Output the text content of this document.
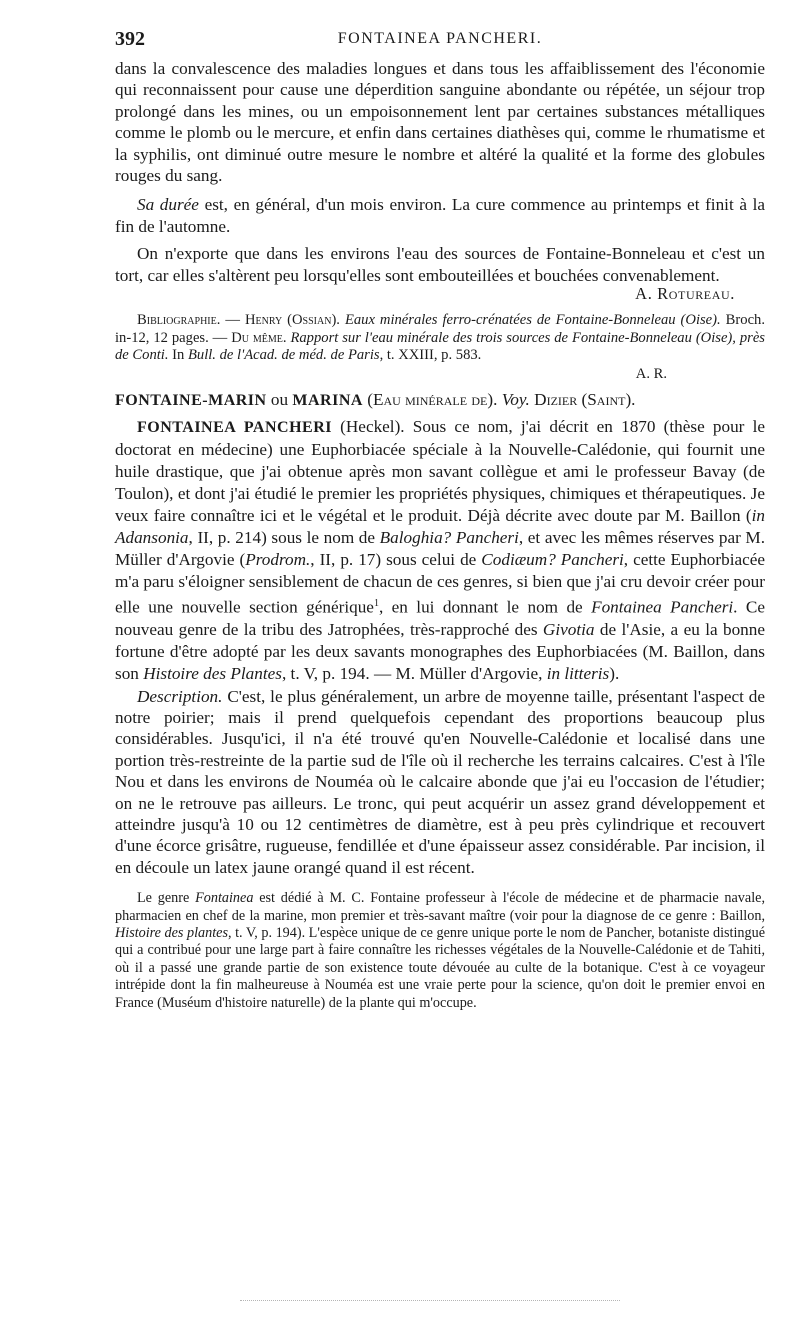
392	FONTAINEA PANCHERI.

dans la convalescence des maladies longues et dans tous les affaiblissement des l'économie qui reconnaissent pour cause une déperdition sanguine abondante ou répétée, un séjour trop prolongé dans les mines, ou un empoisonnement lent par certaines substances métalliques comme le plomb ou le mercure, et enfin dans certaines diathèses qui, comme le rhumatisme et la syphilis, ont diminué outre mesure le nombre et altéré la qualité et la forme des globules rouges du sang.

Sa durée est, en général, d'un mois environ. La cure commence au printemps et finit à la fin de l'automne.

On n'exporte que dans les environs l'eau des sources de Fontaine-Bonneleau et c'est un tort, car elles s'altèrent peu lorsqu'elles sont embouteillées et bouchées convenablement.

A. Rotureau.

Bibliographie. — Henry (Ossian). Eaux minérales ferro-crénatées de Fontaine-Bonneleau (Oise). Broch. in-12, 12 pages. — Du même. Rapport sur l'eau minérale des trois sources de Fontaine-Bonneleau (Oise), près de Conti. In Bull. de l'Acad. de méd. de Paris, t. XXIII, p. 583.

A. R.

FONTAINE-MARIN ou MARINA (Eau minérale de). Voy. Dizier (Saint).

FONTAINEA PANCHERI (Heckel). Sous ce nom, j'ai décrit en 1870 (thèse pour le doctorat en médecine) une Euphorbiacée spéciale à la Nouvelle-Calédonie, qui fournit une huile drastique, que j'ai obtenue après mon savant collègue et ami le professeur Bavay (de Toulon), et dont j'ai étudié le premier les propriétés physiques, chimiques et thérapeutiques. Je veux faire connaître ici et le végétal et le produit. Déjà décrite avec doute par M. Baillon (in Adansonia, II, p. 214) sous le nom de Baloghia? Pancheri, et avec les mêmes réserves par M. Müller d'Argovie (Prodrom., II, p. 17) sous celui de Codiæum? Pancheri, cette Euphorbiacée m'a paru s'éloigner sensiblement de chacun de ces genres, si bien que j'ai cru devoir créer pour elle une nouvelle section générique$^1$, en lui donnant le nom de Fontainea Pancheri. Ce nouveau genre de la tribu des Jatrophées, très-rapproché des Givotia de l'Asie, a eu la bonne fortune d'être adopté par les deux savants monographes des Euphorbiacées (M. Baillon, dans son Histoire des Plantes, t. V, p. 194. — M. Müller d'Argovie, in litteris).

Description. C'est, le plus généralement, un arbre de moyenne taille, présentant l'aspect de notre poirier; mais il prend quelquefois cependant des proportions beaucoup plus considérables. Jusqu'ici, il n'a été trouvé qu'en Nouvelle-Calédonie et localisé dans une portion très-restreinte de la partie sud de l'île où il recherche les terrains calcaires. C'est à l'île Nou et dans les environs de Nouméa où le calcaire abonde que j'ai eu l'occasion de l'étudier; on ne le retrouve pas ailleurs. Le tronc, qui peut acquérir un assez grand développement et atteindre jusqu'à 10 ou 12 centimètres de diamètre, est à peu près cylindrique et recouvert d'une écorce grisâtre, rugueuse, fendillée et d'une épaisseur assez considérable. Par incision, il en découle un latex jaune orangé quand il est récent.

Le genre Fontainea est dédié à M. C. Fontaine professeur à l'école de médecine et de pharmacie navale, pharmacien en chef de la marine, mon premier et très-savant maître (voir pour la diagnose de ce genre : Baillon, Histoire des plantes, t. V, p. 194). L'espèce unique de ce genre unique porte le nom de Pancher, botaniste distingué qui a contribué pour une large part à faire connaître les richesses végétales de la Nouvelle-Calédonie et de Tahiti, où il a passé une grande partie de son existence toute dévouée au culte de la botanique. C'est à ce voyageur intrépide dont la fin malheureuse à Nouméa est une vraie perte pour la science, qu'on doit le premier envoi en France (Muséum d'histoire naturelle) de la plante qui m'occupe.
